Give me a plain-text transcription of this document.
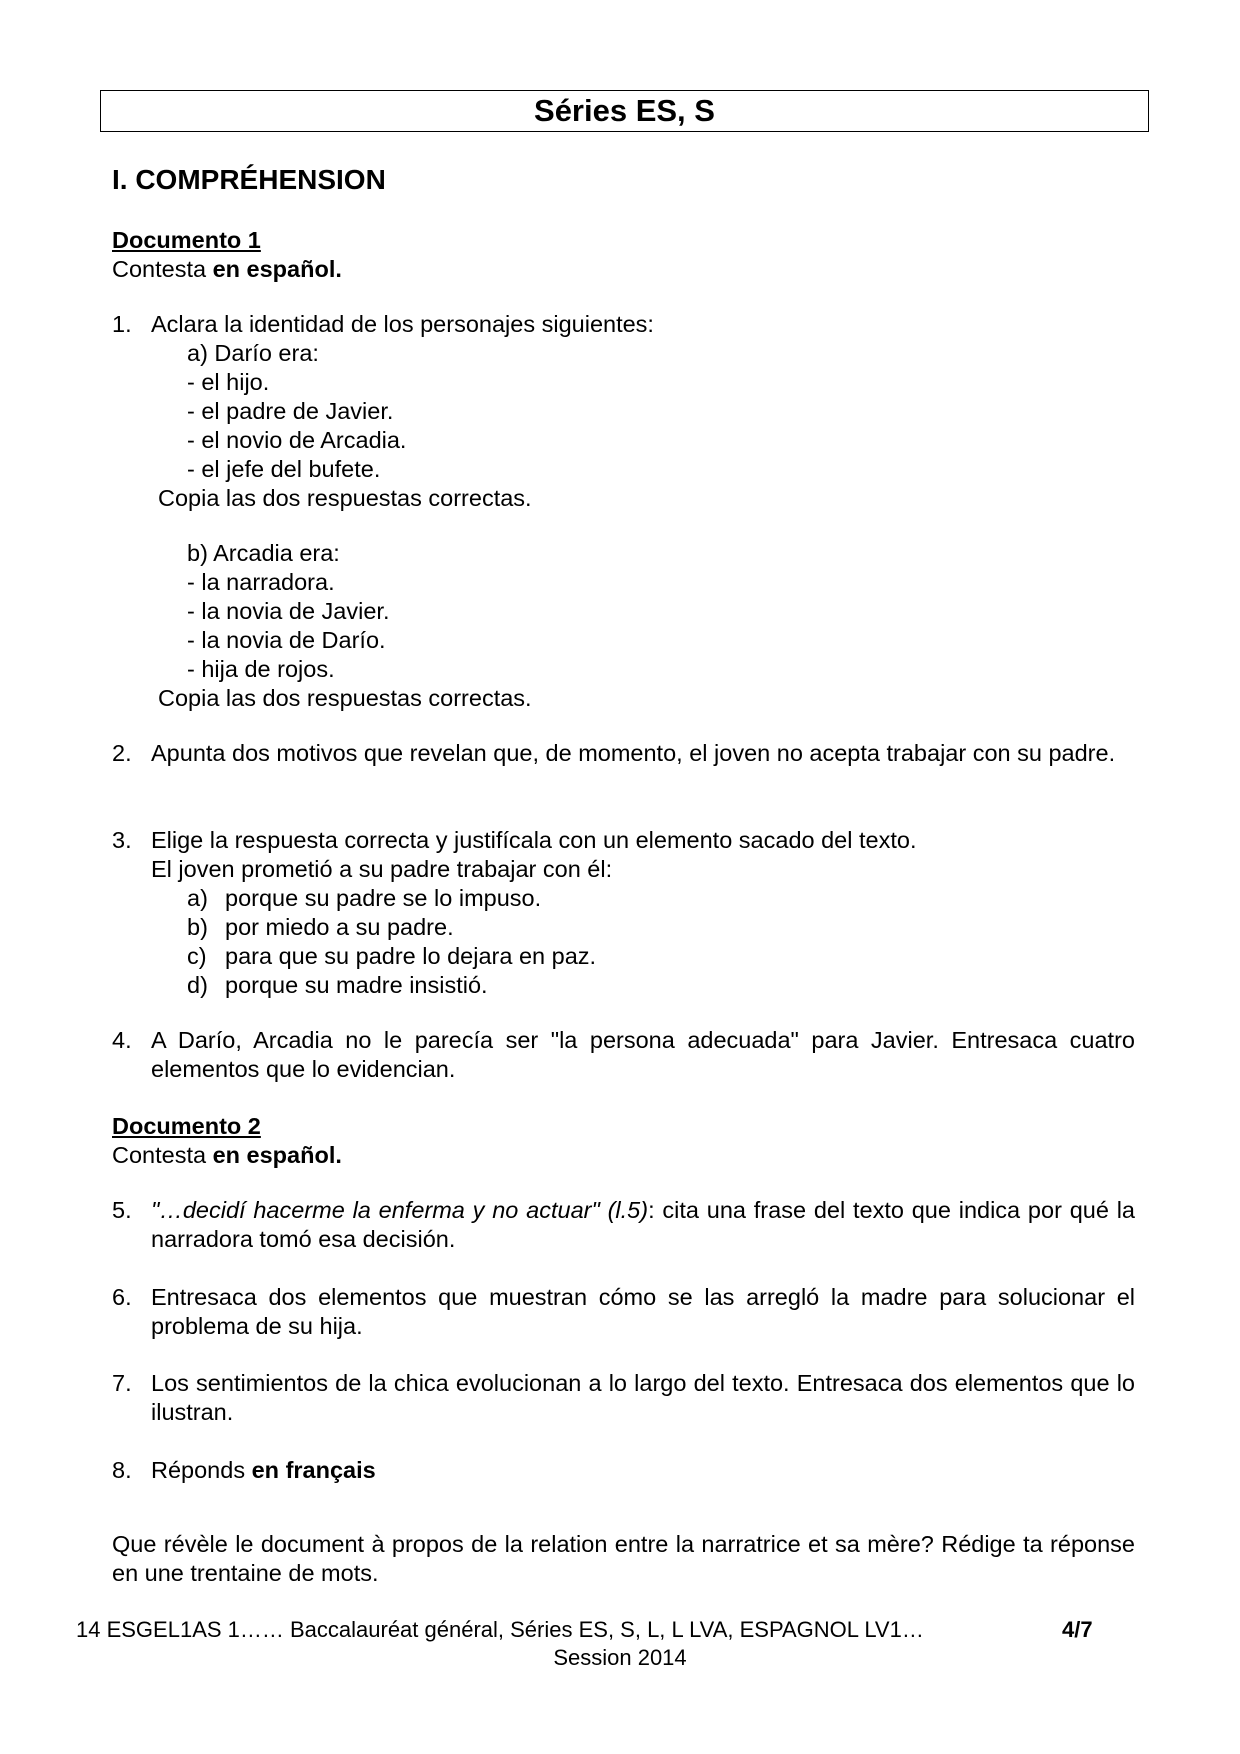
Séries ES, S
I. COMPRÉHENSION
Documento 1
Contesta en español.
1. Aclara la identidad de los personajes siguientes:
a) Darío era:
- el hijo.
- el padre de Javier.
- el novio de Arcadia.
- el jefe del bufete.
Copia las dos respuestas correctas.
b) Arcadia era:
- la narradora.
- la novia de Javier.
- la novia de Darío.
- hija de rojos.
Copia las dos respuestas correctas.
2. Apunta dos motivos que revelan que, de momento, el joven no acepta trabajar con su padre.
3. Elige la respuesta correcta y justifícala con un elemento sacado del texto.
El joven prometió a su padre trabajar con él:
a) porque su padre se lo impuso.
b) por miedo a su padre.
c) para que su padre lo dejara en paz.
d) porque su madre insistió.
4. A Darío, Arcadia no le parecía ser "la persona adecuada" para Javier. Entresaca cuatro elementos que lo evidencian.
Documento 2
Contesta en español.
5. "…decidí hacerme la enferma y no actuar" (l.5): cita una frase del texto que indica por qué la narradora tomó esa decisión.
6. Entresaca dos elementos que muestran cómo se las arregló la madre para solucionar el problema de su hija.
7. Los sentimientos de la chica evolucionan a lo largo del texto. Entresaca dos elementos que lo ilustran.
8. Réponds en français
Que révèle le document à propos de la relation entre la narratrice et sa mère? Rédige ta réponse en une trentaine de mots.
14 ESGEL1AS 1…… Baccalauréat général, Séries ES, S, L, L LVA, ESPAGNOL LV1…	4/7
Session 2014
